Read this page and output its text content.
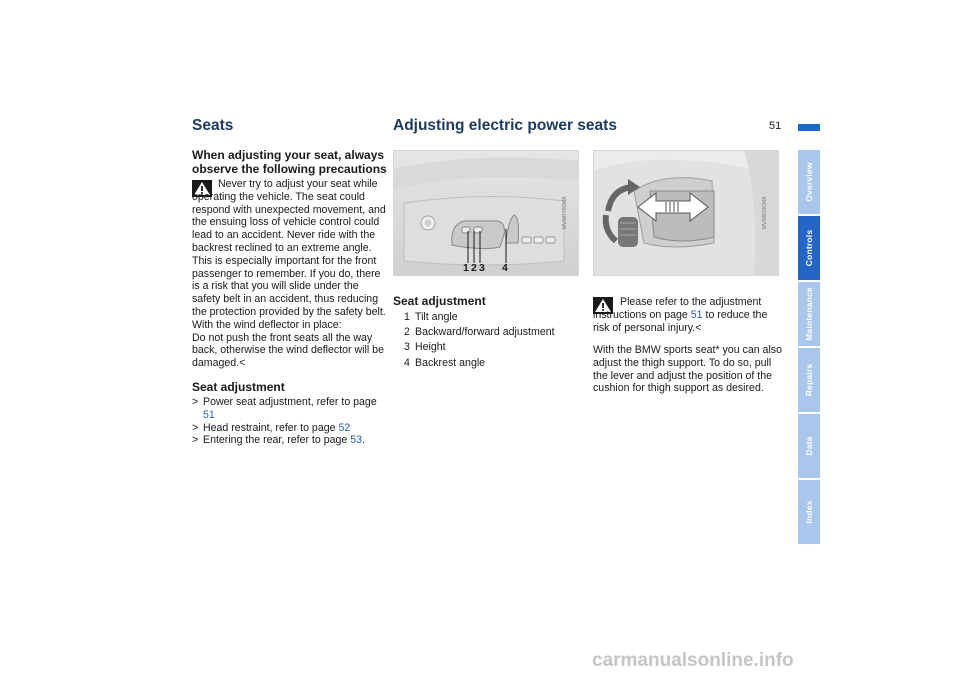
Seats	Adjusting electric power seats	51
When adjusting your seat, always observe the following precautions

Never try to adjust your seat while operating the vehicle. The seat could respond with unexpected movement, and the ensuing loss of vehicle control could lead to an accident. Never ride with the backrest reclined to an extreme angle. This is especially important for the front passenger to remember. If you do, there is a risk that you will slide under the safety belt in an accident, thus reducing the protection provided by the safety belt.

With the wind deflector in place:

Do not push the front seats all the way back, otherwise the wind deflector will be damaged.<

Seat adjustment
> Power seat adjustment, refer to page 51
> Head restraint, refer to page 52
> Entering the rear, refer to page 53.
1 2 3 4
MV08770CMA
Seat adjustment
1 Tilt angle
2 Backward/forward adjustment
3 Height
4 Backrest angle
MV08810CMA

Please refer to the adjustment instructions on page 51 to reduce the risk of personal injury.<

With the BMW sports seat* you can also adjust the thigh support. To do so, pull the lever and adjust the position of the cushion for thigh support as desired.
Overview
Controls
Maintenance
Repairs
Data
Index
carmanualsonline.info
